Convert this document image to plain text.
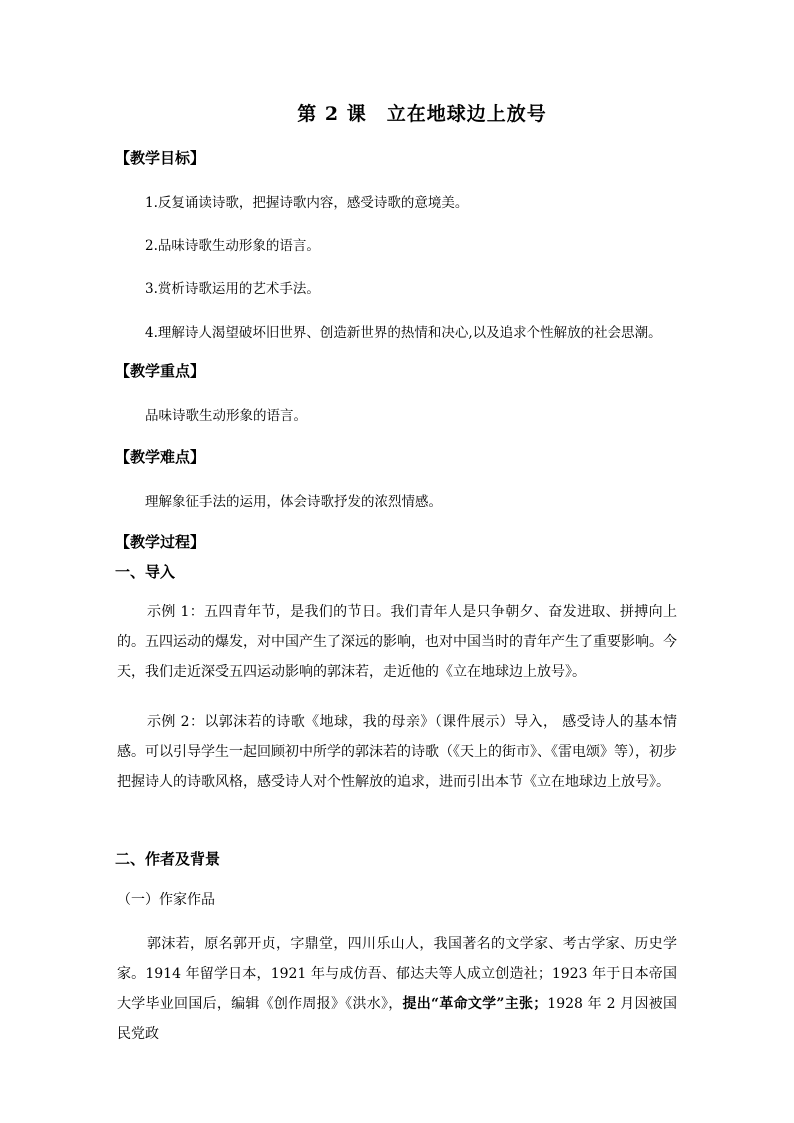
第 2 课　立在地球边上放号
【教学目标】
1.反复诵读诗歌，把握诗歌内容，感受诗歌的意境美。
2.品味诗歌生动形象的语言。
3.赏析诗歌运用的艺术手法。
4.理解诗人渴望破坏旧世界、创造新世界的热情和决心,以及追求个性解放的社会思潮。
【教学重点】
品味诗歌生动形象的语言。
【教学难点】
理解象征手法的运用，体会诗歌抒发的浓烈情感。
【教学过程】
一、导入
示例 1：五四青年节，是我们的节日。我们青年人是只争朝夕、奋发进取、拼搏向上的。五四运动的爆发，对中国产生了深远的影响，也对中国当时的青年产生了重要影响。今天，我们走近深受五四运动影响的郭沫若，走近他的《立在地球边上放号》。
示例 2：以郭沫若的诗歌《地球，我的母亲》（课件展示）导入， 感受诗人的基本情感。可以引导学生一起回顾初中所学的郭沫若的诗歌（《天上的街市》、《雷电颂》等），初步把握诗人的诗歌风格，感受诗人对个性解放的追求，进而引出本节《立在地球边上放号》。
二、作者及背景
（一）作家作品
郭沫若，原名郭开贞，字鼎堂，四川乐山人，我国著名的文学家、考古学家、历史学家。1914 年留学日本，1921 年与成仿吾、郁达夫等人成立创造社；1923 年于日本帝国大学毕业回国后，编辑《创作周报》《洪水》，提出“革命文学”主张；1928 年 2 月因被国民党政
